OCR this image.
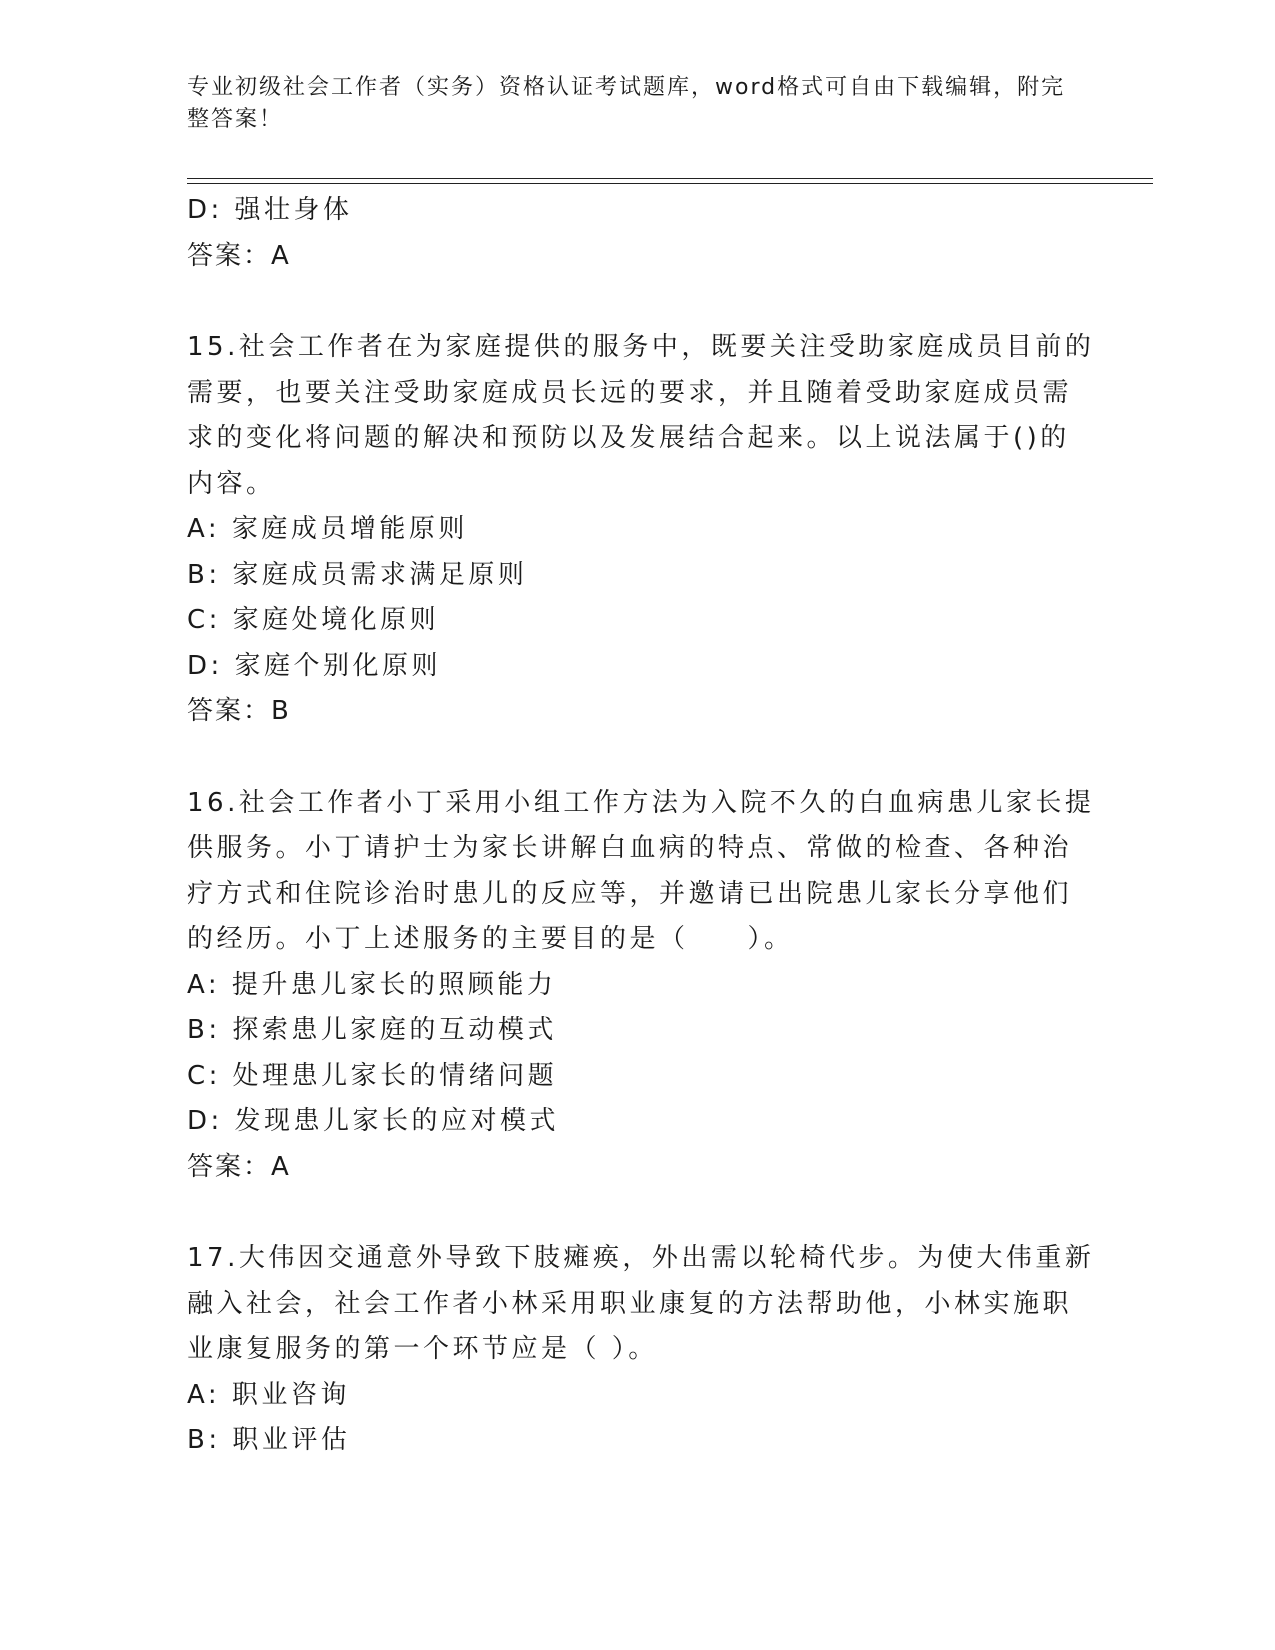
专业初级社会工作者（实务）资格认证考试题库，word格式可自由下载编辑，附完整答案！
D: 强壮身体
答案：A
15.社会工作者在为家庭提供的服务中，既要关注受助家庭成员目前的
需要，也要关注受助家庭成员长远的要求，并且随着受助家庭成员需
求的变化将问题的解决和预防以及发展结合起来。以上说法属于()的
内容。
A: 家庭成员增能原则
B: 家庭成员需求满足原则
C: 家庭处境化原则
D: 家庭个别化原则
答案：B
16.社会工作者小丁采用小组工作方法为入院不久的白血病患儿家长提
供服务。小丁请护士为家长讲解白血病的特点、常做的检查、各种治
疗方式和住院诊治时患儿的反应等，并邀请已出院患儿家长分享他们
的经历。小丁上述服务的主要目的是（　　）。
A: 提升患儿家长的照顾能力
B: 探索患儿家庭的互动模式
C: 处理患儿家长的情绪问题
D: 发现患儿家长的应对模式
答案：A
17.大伟因交通意外导致下肢瘫痪，外出需以轮椅代步。为使大伟重新
融入社会，社会工作者小林采用职业康复的方法帮助他，小林实施职
业康复服务的第一个环节应是（ ）。
A: 职业咨询
B: 职业评估
